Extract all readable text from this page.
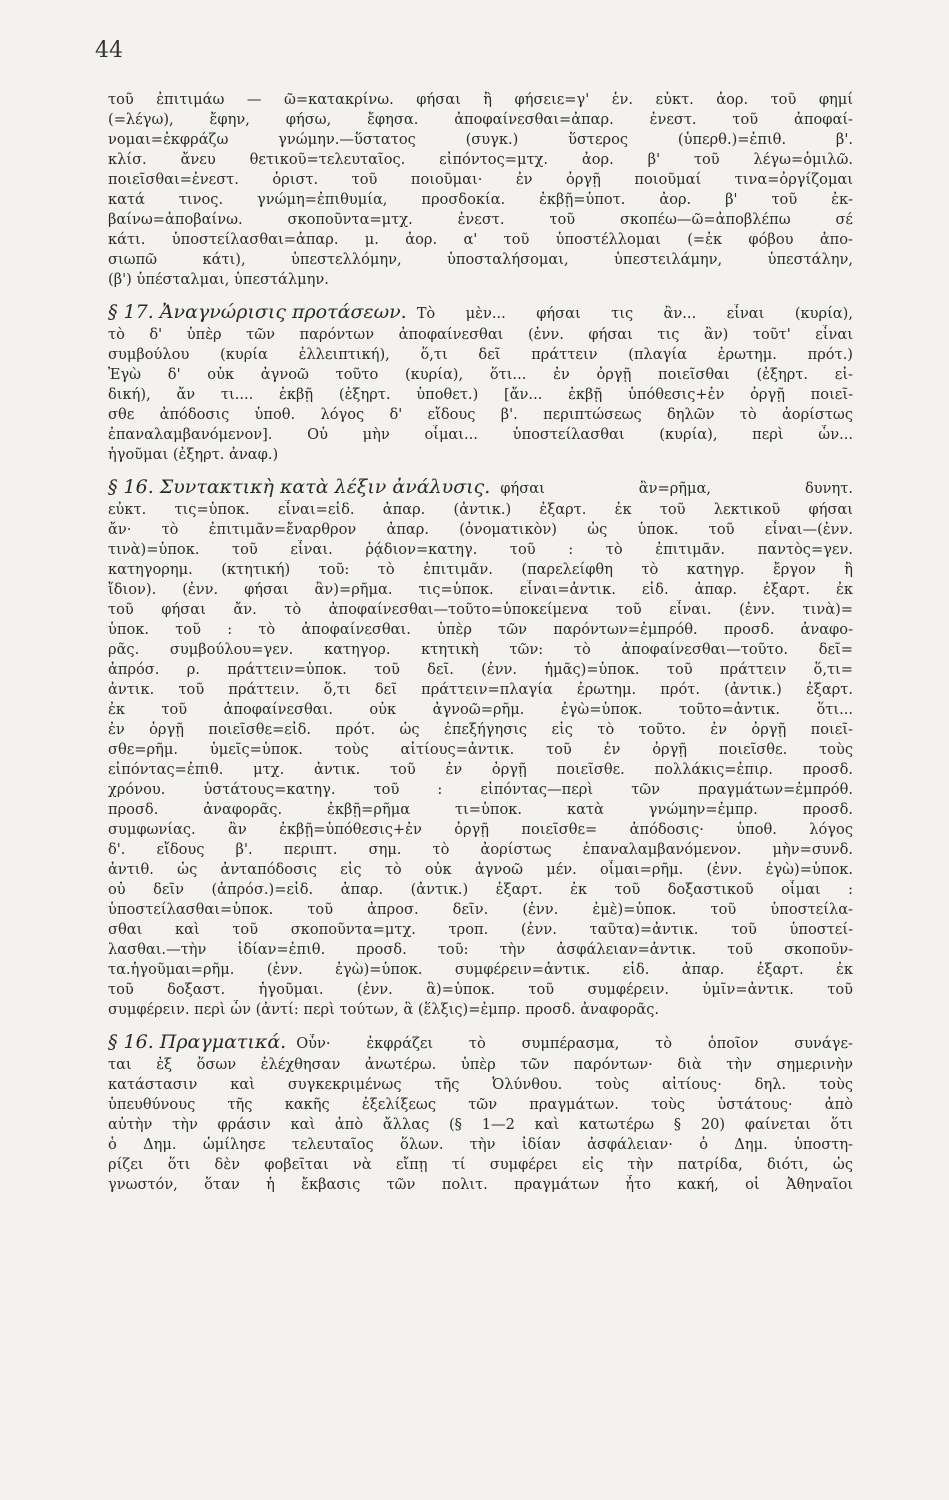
44
τοῦ ἐπιτιμάω — ῶ=κατακρίνω. φήσαι ἢ φήσειε=γ' ἑν. εὐκτ. ἀορ. τοῦ φημί
(=λέγω), ἔφην, φήσω, ἔφησα. ἀποφαίνεσθαι=ἀπαρ. ἐνεστ. τοῦ ἀποφαί-
νομαι=ἐκφράζω γνώμην.—ὕστατος (συγκ.) ὕστερος (ὑπερθ.)=ἐπιθ. β'.
κλίσ. ἄνευ θετικοῦ=τελευταῖος. εἰπόντος=μτχ. ἀορ. β' τοῦ λέγω=ὁμιλῶ.
ποιεῖσθαι=ἐνεστ. ὁριστ. τοῦ ποιοῦμαι· ἐν ὀργῇ ποιοῦμαί τινα=ὀργίζομαι
κατά τινος. γνώμη=ἐπιθυμία, προσδοκία. ἐκβῇ=ὑποτ. ἀορ. β' τοῦ ἐκ-
βαίνω=ἀποβαίνω. σκοποῦντα=μτχ. ἐνεστ. τοῦ σκοπέω—ῶ=ἀποβλέπω σέ
κάτι. ὑποστείλασθαι=ἀπαρ. μ. ἀορ. α' τοῦ ὑποστέλλομαι (=ἐκ φόβου ἀπο-
σιωπῶ κάτι), ὑπεστελλόμην, ὑποσταλήσομαι, ὑπεστειλάμην, ὑπεστάλην,
(β') ὑπέσταλμαι, ὑπεστάλμην.
§ 17. Ἀναγνώρισις προτάσεων. Τὸ μὲν... φήσαι τις ἂν... εἶναι (κυρία),
τὸ δ' ὑπὲρ τῶν παρόντων ἀποφαίνεσθαι (ἐνν. φήσαι τις ἂν) τοῦτ' εἶναι
συμβούλου (κυρία ἐλλειπτική), ὅ,τι δεῖ πράττειν (πλαγία ἐρωτημ. πρότ.)
Ἐγὼ δ' οὐκ ἀγνοῶ τοῦτο (κυρία), ὅτι... ἐν ὀργῇ ποιεῖσθαι (ἐξηρτ. εἰ-
δική), ἄν τι.... ἐκβῇ (ἐξηρτ. ὑποθετ.) [ἄν... ἐκβῇ ὑπόθεσις+ἐν ὀργῇ ποιεῖ-
σθε ἀπόδοσις ὑποθ. λόγος δ' εἴδους β'. περιπτώσεως δηλῶν τὸ ἀορίστως
ἐπαναλαμβανόμενον]. Οὐ μὴν οἶμαι... ὑποστείλασθαι (κυρία), περὶ ὧν...
ἡγοῦμαι (ἐξηρτ. ἀναφ.)
§ 16. Συντακτικὴ κατὰ λέξιν ἀνάλυσις. φήσαι ἂν=ρῆμα, δυνητ.
εὐκτ. τις=ὑποκ. εἶναι=εἰδ. ἀπαρ. (ἀντικ.) ἐξαρτ. ἐκ τοῦ λεκτικοῦ φήσαι
ἄν· τὸ ἐπιτιμᾶν=ἔναρθρον ἀπαρ. (ὀνοματικὸν) ὡς ὑποκ. τοῦ εἶναι—(ἐνν.
τινὰ)=ὑποκ. τοῦ εἶναι. ῥᾴδιον=κατηγ. τοῦ : τὸ ἐπιτιμᾶν. παντὸς=γεν.
κατηγορημ. (κτητική) τοῦ: τὸ ἐπιτιμᾶν. (παρελείφθη τὸ κατηγρ. ἔργον ἢ
ἴδιον). (ἐνν. φήσαι ἂν)=ρῆμα. τις=ὑποκ. εἶναι=ἀντικ. εἰδ. ἀπαρ. ἐξαρτ. ἐκ
τοῦ φήσαι ἄν. τὸ ἀποφαίνεσθαι—τοῦτο=ὑποκείμενα τοῦ εἶναι. (ἐνν. τινὰ)=
ὑποκ. τοῦ : τὸ ἀποφαίνεσθαι. ὑπὲρ τῶν παρόντων=ἐμπρόθ. προσδ. ἀναφο-
ρᾶς. συμβούλου=γεν. κατηγορ. κτητικὴ τῶν: τὸ ἀποφαίνεσθαι—τοῦτο. δεῖ=
ἀπρόσ. ρ. πράττειν=ὑποκ. τοῦ δεῖ. (ἐνν. ἡμᾶς)=ὑποκ. τοῦ πράττειν ὅ,τι=
ἀντικ. τοῦ πράττειν. ὅ,τι δεῖ πράττειν=πλαγία ἐρωτημ. πρότ. (ἀντικ.) ἐξαρτ.
ἐκ τοῦ ἀποφαίνεσθαι. οὐκ ἀγνοῶ=ρῆμ. ἐγὼ=ὑποκ. τοῦτο=ἀντικ. ὅτι...
ἐν ὀργῇ ποιεῖσθε=εἰδ. πρότ. ὡς ἐπεξήγησις εἰς τὸ τοῦτο. ἐν ὀργῇ ποιεῖ-
σθε=ρῆμ. ὑμεῖς=ὑποκ. τοὺς αἰτίους=ἀντικ. τοῦ ἐν ὀργῇ ποιεῖσθε. τοὺς
εἰπόντας=ἐπιθ. μτχ. ἀντικ. τοῦ ἐν ὀργῇ ποιεῖσθε. πολλάκις=ἐπιρ. προσδ.
χρόνου. ὑστάτους=κατηγ. τοῦ : εἰπόντας—περὶ τῶν πραγμάτων=ἐμπρόθ.
προσδ. ἀναφορᾶς. ἐκβῇ=ρῆμα τι=ὑποκ. κατὰ γνώμην=ἐμπρ. προσδ.
συμφωνίας. ἂν ἐκβῇ=ὑπόθεσις+ἐν ὀργῇ ποιεῖσθε= ἀπόδοσις· ὑποθ. λόγος
δ'. εἴδους β'. περιπτ. σημ. τὸ ἀορίστως ἐπαναλαμβανόμενον. μὴν=συνδ.
ἀντιθ. ὡς ἀνταπόδοσις εἰς τὸ οὐκ ἀγνοῶ μέν. οἶμαι=ρῆμ. (ἐνν. ἐγὼ)=ὑποκ.
οὐ δεῖν (ἀπρόσ.)=εἰδ. ἀπαρ. (ἀντικ.) ἐξαρτ. ἐκ τοῦ δοξαστικοῦ οἶμαι :
ὑποστείλασθαι=ὑποκ. τοῦ ἀπροσ. δεῖν. (ἐνν. ἐμὲ)=ὑποκ. τοῦ ὑποστείλα-
σθαι καὶ τοῦ σκοποῦντα=μτχ. τροπ. (ἐνν. ταῦτα)=ἀντικ. τοῦ ὑποστεί-
λασθαι.—τὴν ἰδίαν=ἐπιθ. προσδ. τοῦ: τὴν ἀσφάλειαν=ἀντικ. τοῦ σκοποῦν-
τα.ἡγοῦμαι=ρῆμ. (ἐνν. ἐγὼ)=ὑποκ. συμφέρειν=ἀντικ. εἰδ. ἀπαρ. ἐξαρτ. ἐκ
τοῦ δοξαστ. ἡγοῦμαι. (ἐνν. ἃ)=ὑποκ. τοῦ συμφέρειν. ὑμῖν=ἀντικ. τοῦ
συμφέρειν. περὶ ὧν (ἀντί: περὶ τούτων, ἃ (ἕλξις)=ἐμπρ. προσδ. ἀναφορᾶς.
§ 16. Πραγματικά. Οὖν· ἐκφράζει τὸ συμπέρασμα, τὸ ὁποῖον συνάγε-
ται ἐξ ὅσων ἐλέχθησαν ἀνωτέρω. ὑπὲρ τῶν παρόντων· διὰ τὴν σημερινὴν
κατάστασιν καὶ συγκεκριμένως τῆς Ὀλύνθου. τοὺς αἰτίους· δηλ. τοὺς
ὑπευθύνους τῆς κακῆς ἐξελίξεως τῶν πραγμάτων. τοὺς ὑστάτους· ἀπὸ
αὐτὴν τὴν φράσιν καὶ ἀπὸ ἄλλας (§ 1—2 καὶ κατωτέρω § 20) φαίνεται ὅτι
ὁ Δημ. ὡμίλησε τελευταῖος ὅλων. τὴν ἰδίαν ἀσφάλειαν· ὁ Δημ. ὑποστη-
ρίζει ὅτι δὲν φοβεῖται νὰ εἴπῃ τί συμφέρει εἰς τὴν πατρίδα, διότι, ὡς
γνωστόν, ὅταν ἡ ἔκβασις τῶν πολιτ. πραγμάτων ἦτο κακή, οἱ Ἀθηναῖοι
